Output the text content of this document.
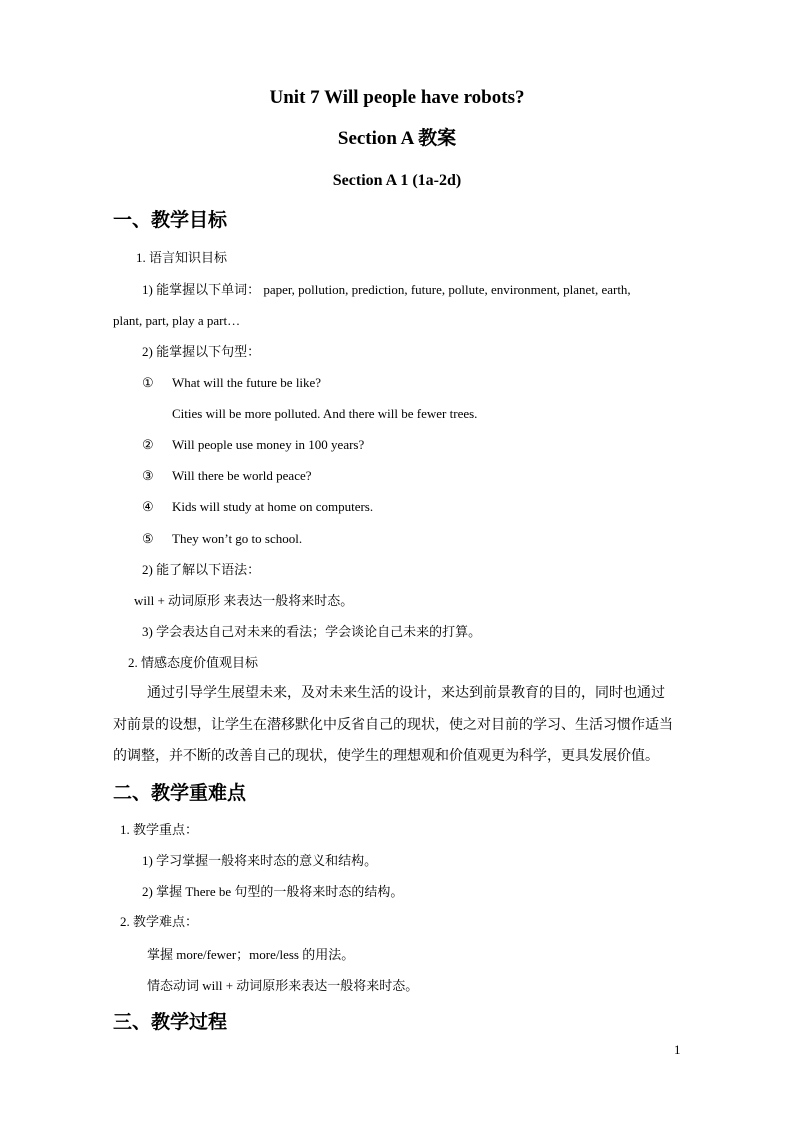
Unit 7 Will people have robots?
Section A 教案
Section A 1 (1a-2d)
一、教学目标
1. 语言知识目标
1) 能掌握以下单词： paper, pollution, prediction, future, pollute, environment, planet, earth,
plant, part, play a part…
2) 能掌握以下句型：
① What will the future be like?
Cities will be more polluted. And there will be fewer trees.
② Will people use money in 100 years?
③ Will there be world peace?
④ Kids will study at home on computers.
⑤ They won’t go to school.
2) 能了解以下语法：
will + 动词原形 来表达一般将来时态。
3) 学会表达自己对未来的看法；学会谈论自己未来的打算。
2. 情感态度价值观目标
通过引导学生展望未来，及对未来生活的设计，来达到前景教育的目的，同时也通过
对前景的设想，让学生在潜移默化中反省自己的现状，使之对目前的学习、生活习惯作适当
的调整，并不断的改善自己的现状，使学生的理想观和价值观更为科学，更具发展价值。
二、教学重难点
1. 教学重点：
1) 学习掌握一般将来时态的意义和结构。
2) 掌握 There be 句型的一般将来时态的结构。
2. 教学难点：
掌握 more/fewer；more/less 的用法。
情态动词 will + 动词原形来表达一般将来时态。
三、教学过程
1
